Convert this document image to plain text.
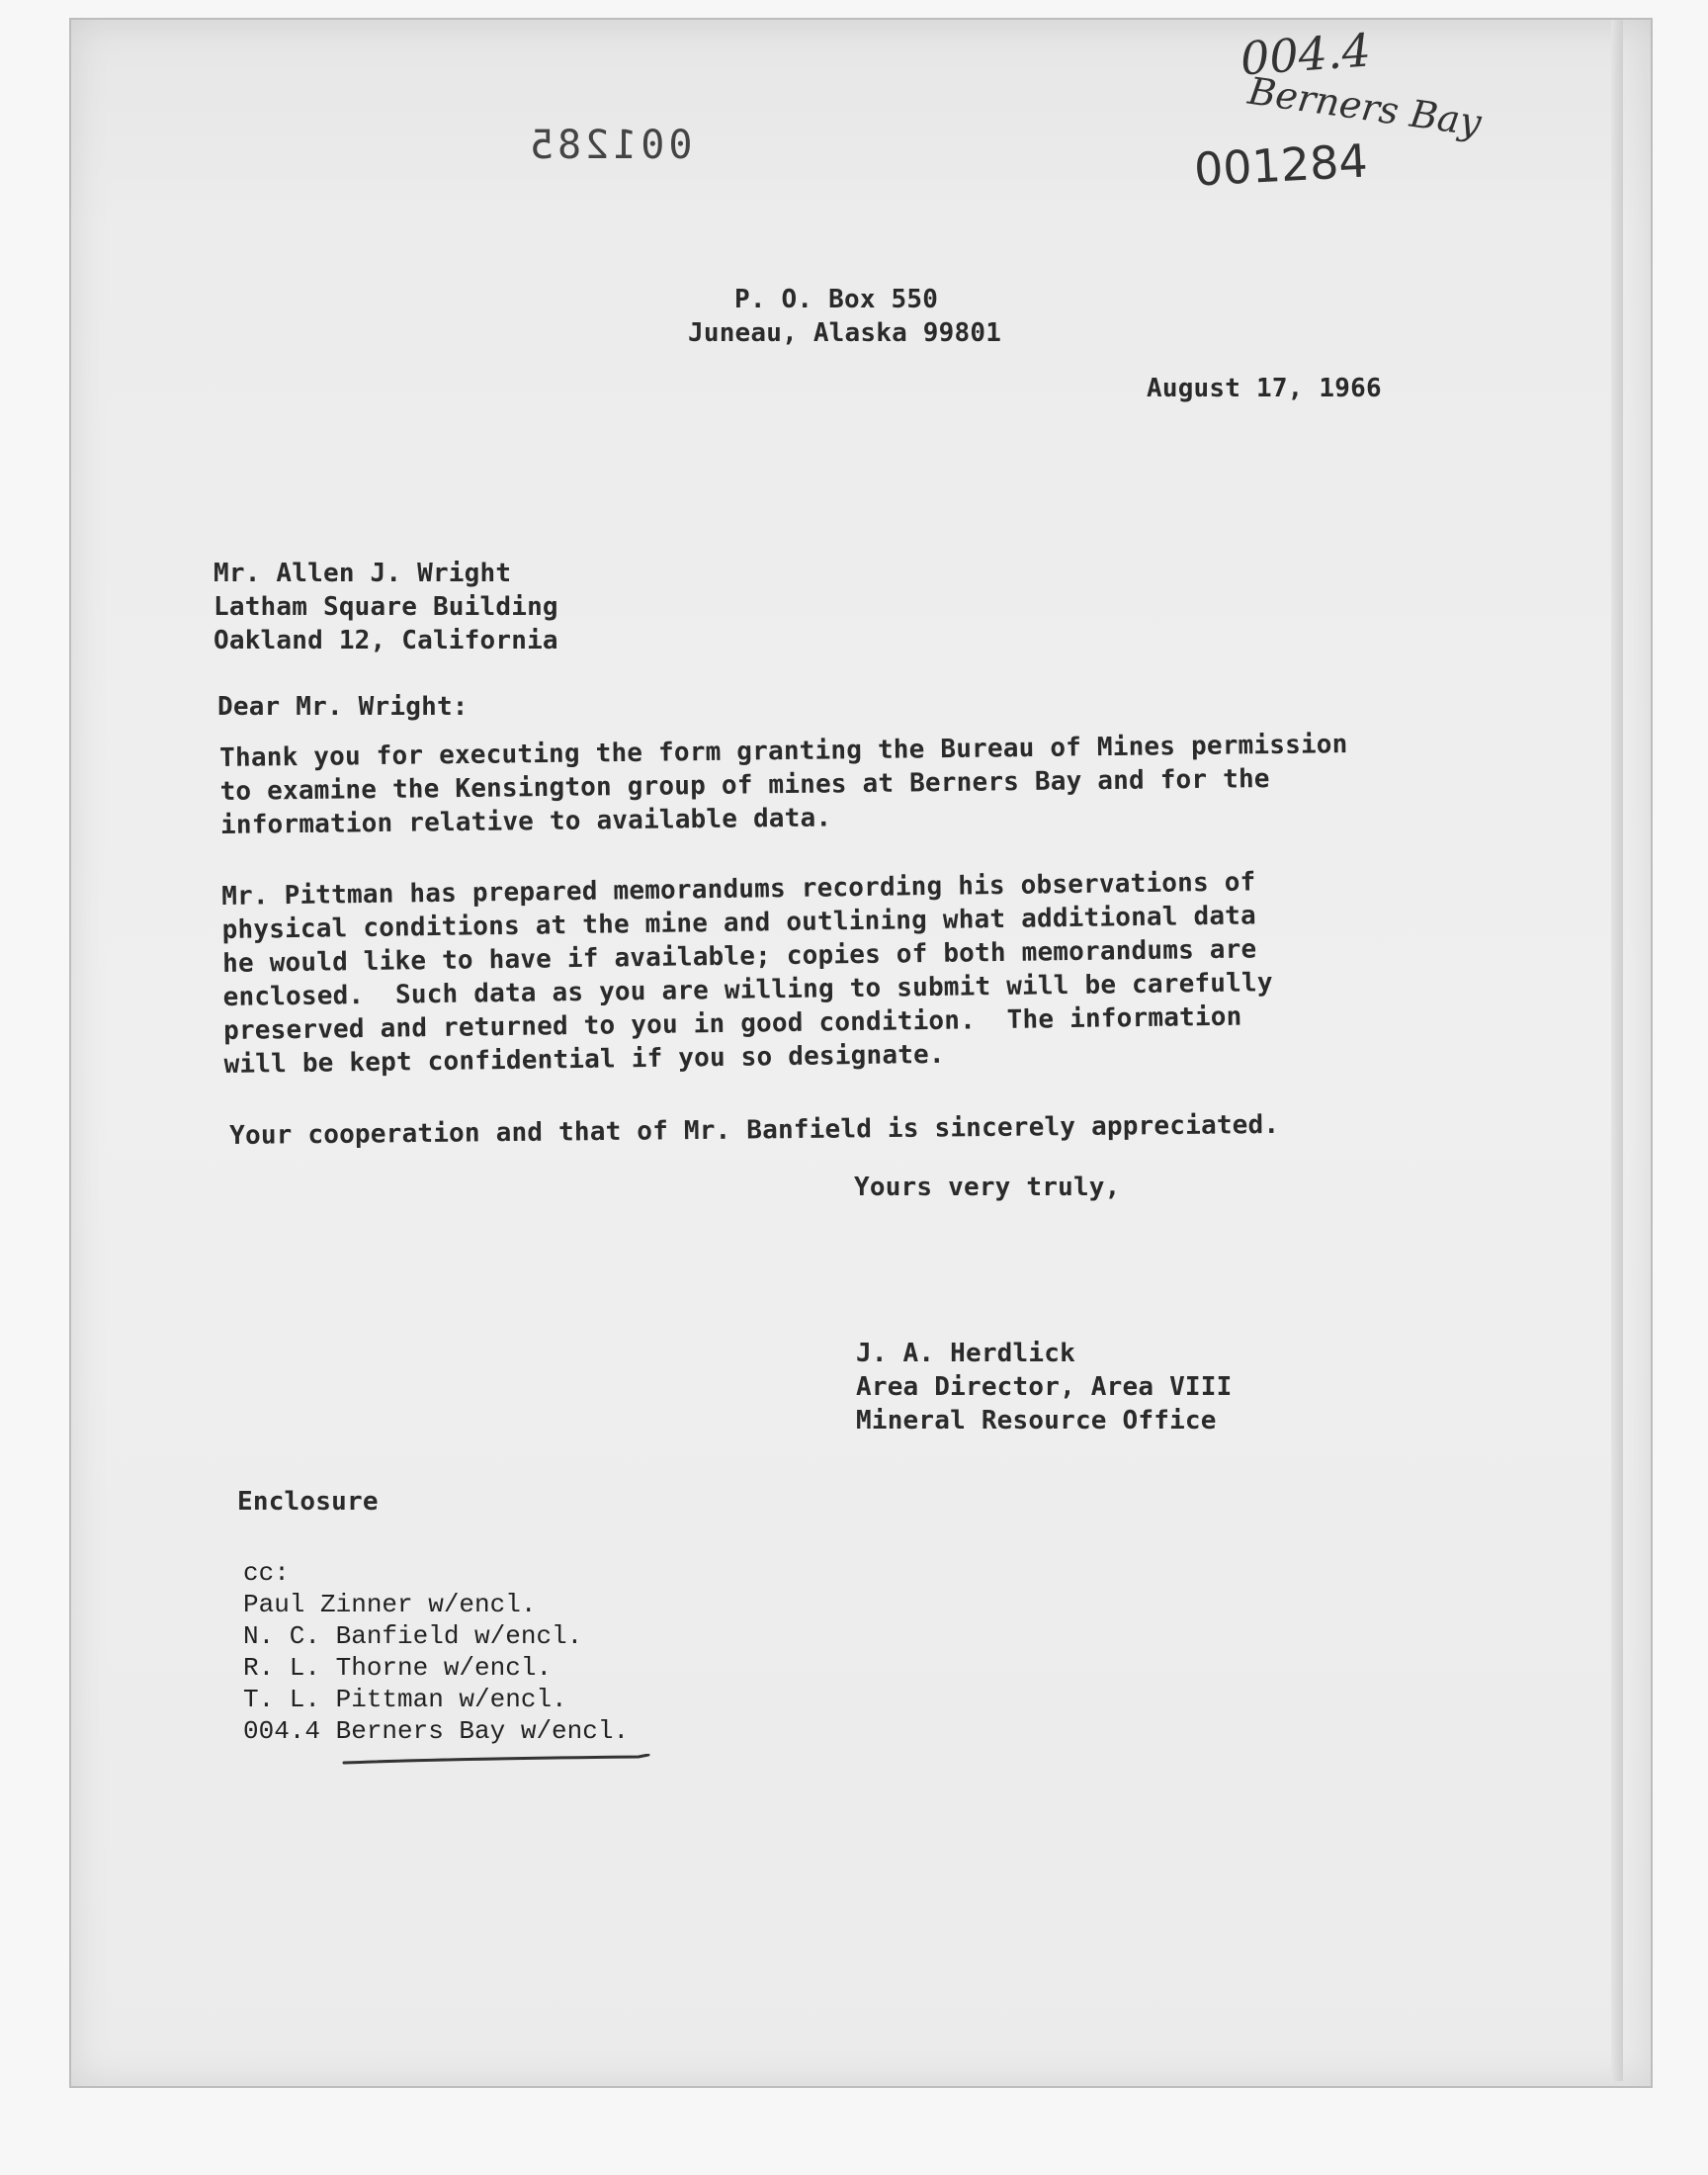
004.4
Berners Bay
001284
001285
P. O. Box 550
Juneau, Alaska 99801
August 17, 1966
Mr. Allen J. Wright
Latham Square Building
Oakland 12, California
Dear Mr. Wright:

Thank you for executing the form granting the Bureau of Mines permission

to examine the Kensington group of mines at Berners Bay and for the

information relative to available data.

Mr. Pittman has prepared memorandums recording his observations of

physical conditions at the mine and outlining what additional data

he would like to have if available; copies of both memorandums are

enclosed.  Such data as you are willing to submit will be carefully

preserved and returned to you in good condition.  The information

will be kept confidential if you so designate.

Your cooperation and that of Mr. Banfield is sincerely appreciated.

Yours very truly,
J. A. Herdlick
Area Director, Area VIII
Mineral Resource Office
Enclosure
cc:
Paul Zinner w/encl.
N. C. Banfield w/encl.
R. L. Thorne w/encl.
T. L. Pittman w/encl.
004.4 Berners Bay w/encl.
